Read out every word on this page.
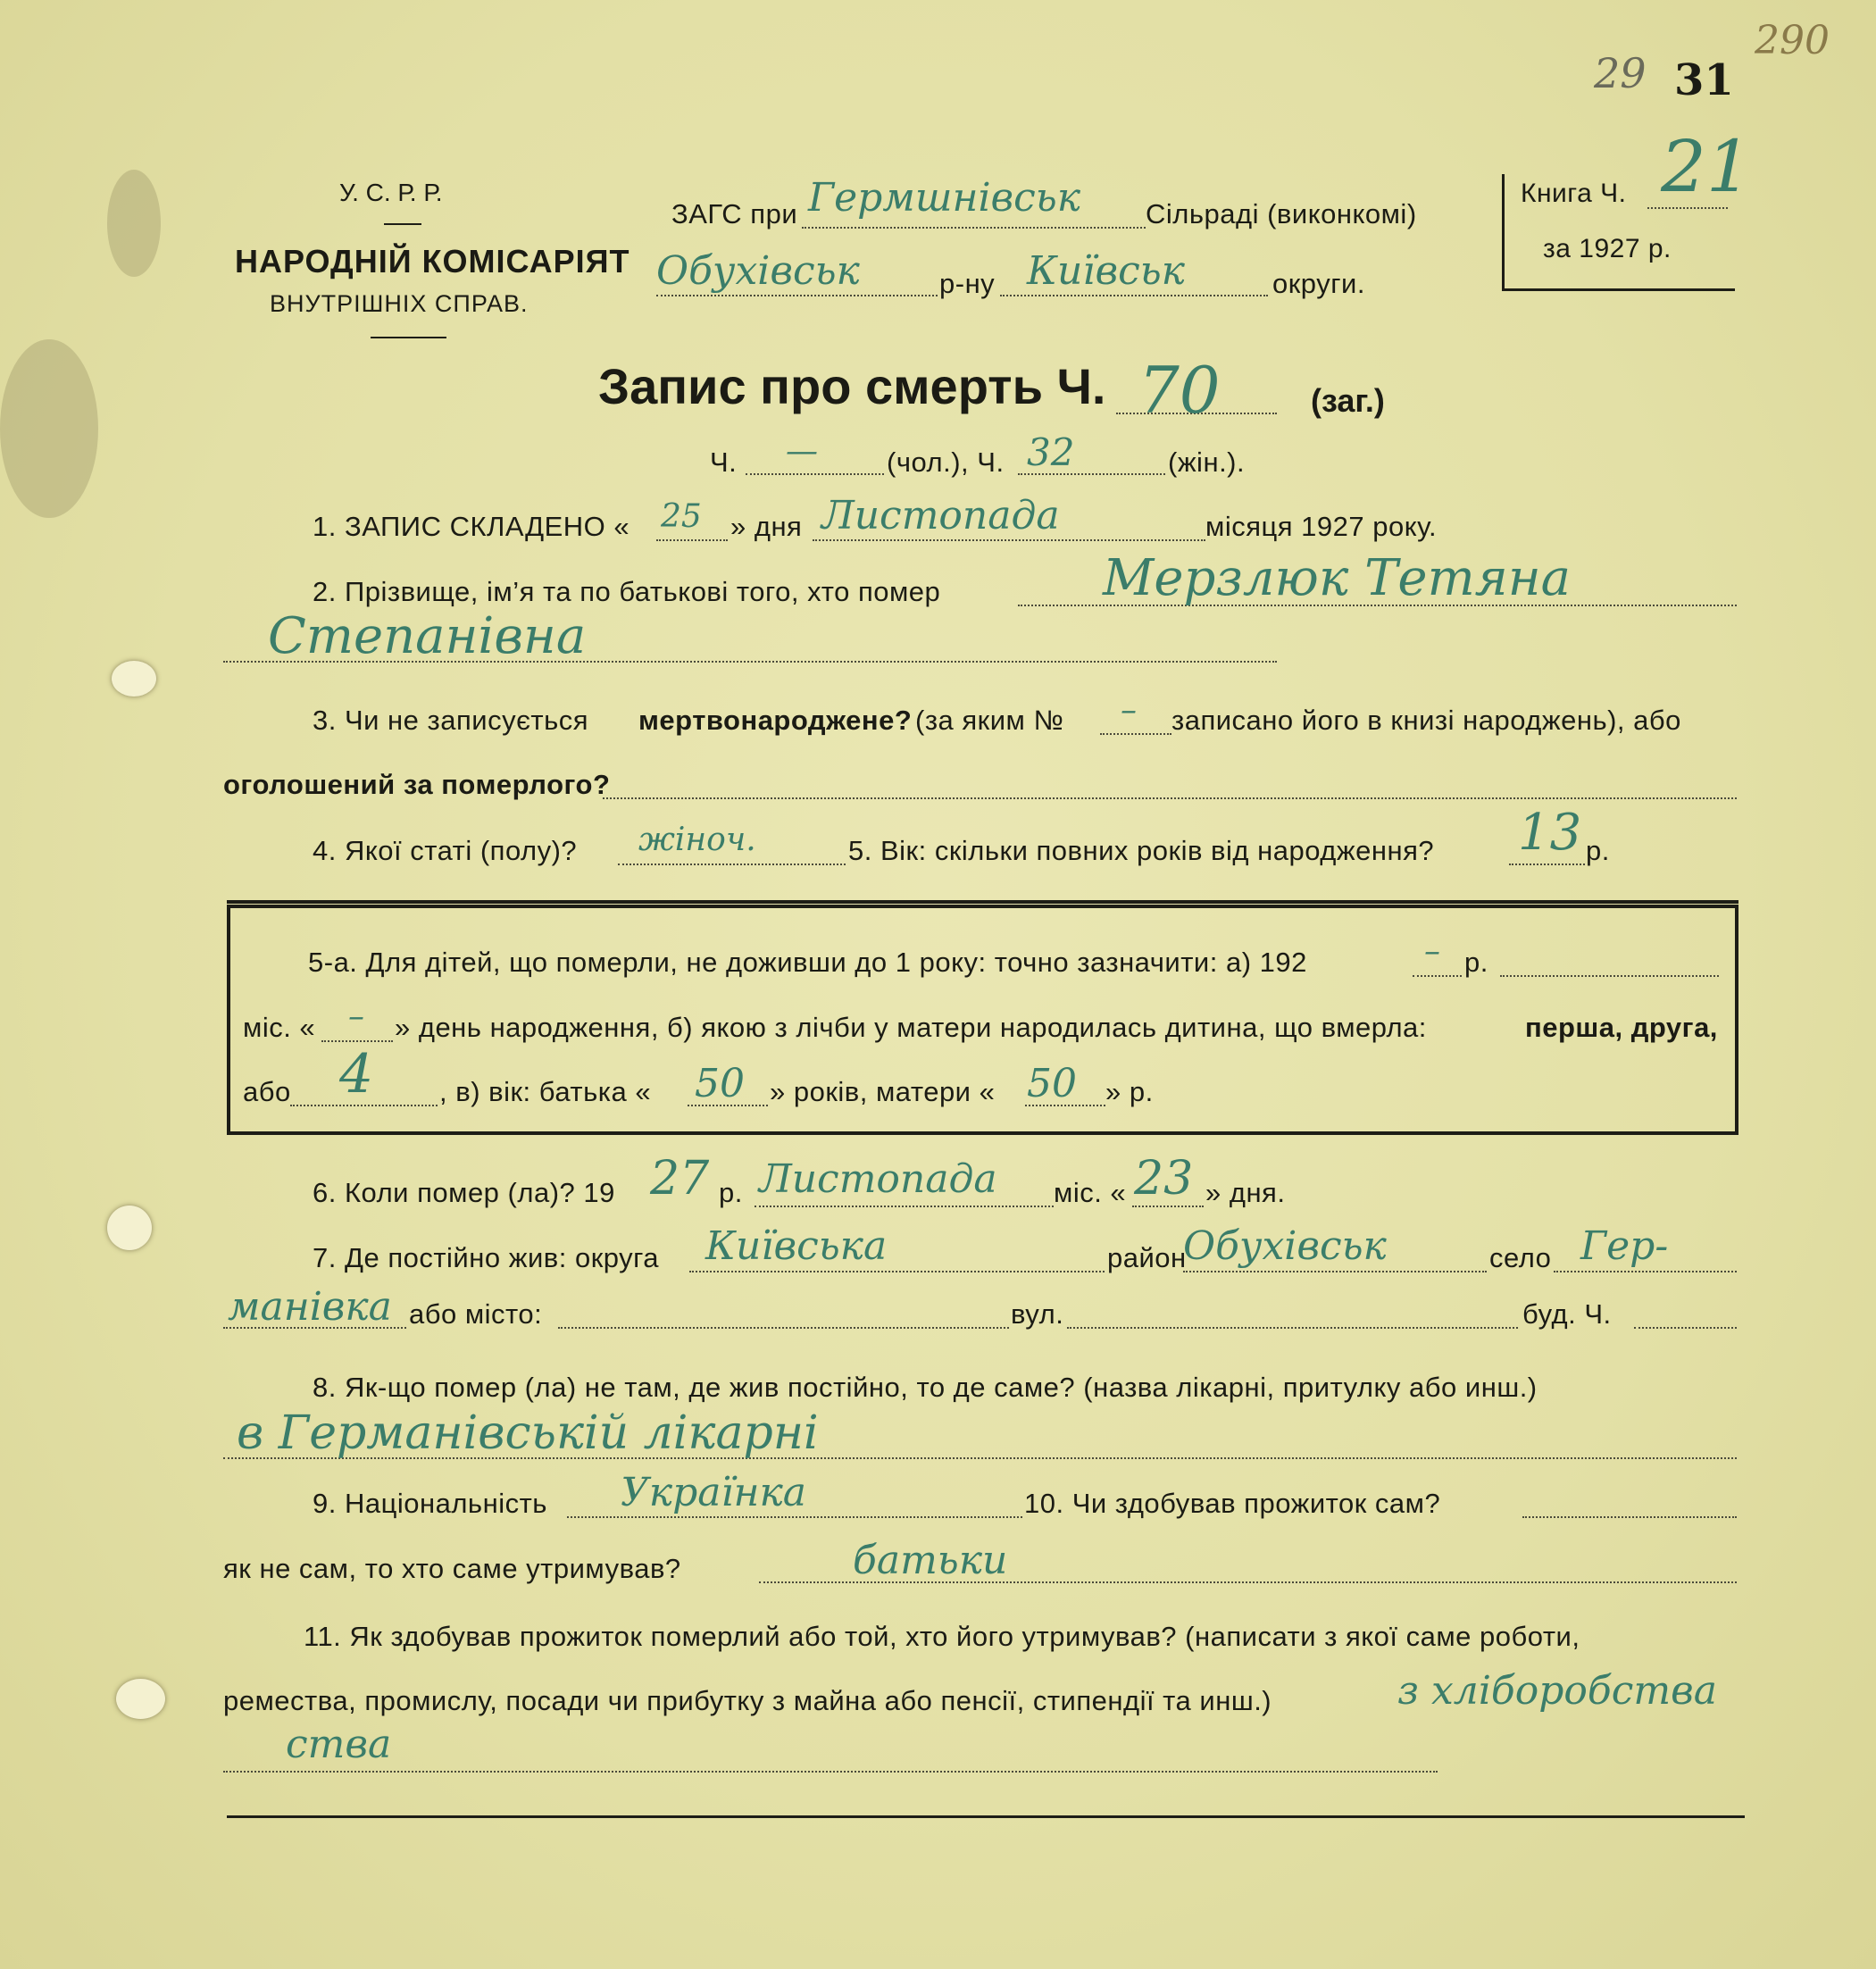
29
290
31
У. С. Р. Р.
НАРОДНІЙ КОМІСАРІЯТ
ВНУТРІШНІХ СПРАВ.
ЗАГС при Гермшнівськ Сільраді (виконкомі)
Обухівськ	р-ну Київськ	округи.
Книга Ч. 21
за 1927 р.
Запис про смерть Ч. 70	(заг.)
Ч. — (чол.), Ч. 32	(жін.).
1. ЗАПИС СКЛАДЕНО « 25 » дня Листопада	місяця 1927 року.
2. Прізвище, ім’я та по батькові того, хто помер	Мерзлюк Тетяна
Степанівна
3. Чи не записується мертвонароджене? (за яким № – записано його в книзі народжень), або
оголошений за померлого?
4. Якої статі (полу)? жіноч.	5. Вік: скільки повних років від народження? 13 р.
5-а. Для дітей, що померли, не доживши до 1 року: точно зазначити: а) 192	– р.
міс. « – » день народження, б) якою з лічби у матери народилась дитина, що вмерла:	перша, друга,
або 4 , в) вік: батька « 50 » років, матери « 50 » р.
6. Коли помер (ла)? 19 27 р. Листопада міс. « 23 » дня.
7. Де постійно жив: округа Київська	район
Обухівськ	село Гер-
манівка або місто:	вул.	буд. Ч.
8. Як-що помер (ла) не там, де жив постійно, то де саме? (назва лікарні, притулку або инш.)
в Германівській лікарні
9. Національність Українка	10. Чи здобував прожиток сам?
як не сам, то хто саме утримував?	батьки
11. Як здобував прожиток померлий або той, хто його утримував? (написати з якої саме роботи,
ремества, промислу, посади чи прибутку з майна або пенсії, стипендії та инш.)	з хліборобства
ства
